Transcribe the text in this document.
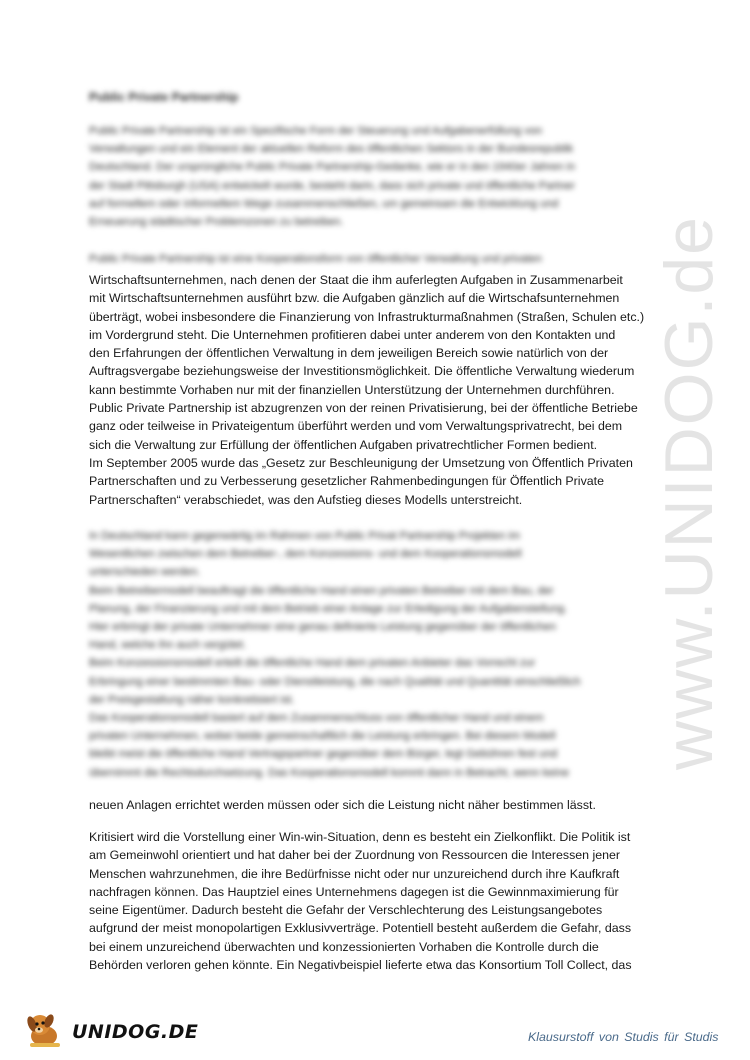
www.UNIDOG.de
Public Private Partnership
Public Private Partnership ist ein Spezifische Form der Steuerung und Aufgabenerfüllung von
Verwaltungen und ein Element der aktuellen Reform des öffentlichen Sektors in der Bundesrepublik
Deutschland. Der ursprüngliche Public Private Partnership-Gedanke, wie er in den 1940er Jahren in
der Stadt Pittsburgh (USA) entwickelt wurde, besteht darin, dass sich private und öffentliche Partner
auf formellem oder informellem Wege zusammenschließen, um gemeinsam die Entwicklung und
Erneuerung städtischer Problemzonen zu betreiben.
Public Private Partnership ist eine Kooperationsform von öffentlicher Verwaltung und privaten
Wirtschaftsunternehmen, nach denen der Staat die ihm auferlegten Aufgaben in Zusammenarbeit
mit Wirtschaftsunternehmen ausführt bzw. die Aufgaben gänzlich auf die Wirtschafsunternehmen
überträgt, wobei insbesondere die Finanzierung von Infrastrukturmaßnahmen (Straßen, Schulen etc.)
im Vordergrund steht. Die Unternehmen profitieren dabei unter anderem von den Kontakten und
den Erfahrungen der öffentlichen Verwaltung in dem jeweiligen Bereich sowie natürlich von der
Auftragsvergabe beziehungsweise der Investitionsmöglichkeit. Die öffentliche Verwaltung wiederum
kann bestimmte Vorhaben nur mit der finanziellen Unterstützung der Unternehmen durchführen.
Public Private Partnership ist abzugrenzen von der reinen Privatisierung, bei der öffentliche Betriebe
ganz oder teilweise in Privateigentum überführt werden und vom Verwaltungsprivatrecht, bei dem
sich die Verwaltung zur Erfüllung der öffentlichen Aufgaben privatrechtlicher Formen bedient.
Im September 2005 wurde das „Gesetz zur Beschleunigung der Umsetzung von Öffentlich Privaten
Partnerschaften und zu Verbesserung gesetzlicher Rahmenbedingungen für Öffentlich Private
Partnerschaften“ verabschiedet, was den Aufstieg dieses Modells unterstreicht.
In Deutschland kann gegenwärtig im Rahmen von Public Privat Partnership Projekten im
Wesentlichen zwischen dem Betreiber-, dem Konzessions- und dem Kooperationsmodell
unterschieden werden.
Beim Betreibermodell beauftragt die öffentliche Hand einen privaten Betreiber mit dem Bau, der
Planung, der Finanzierung und mit dem Betrieb einer Anlage zur Erledigung der Aufgabenstellung.
Hier erbringt der private Unternehmer eine genau definierte Leistung gegenüber der öffentlichen
Hand, welche ihn auch vergütet.
Beim Konzessionsmodell erteilt die öffentliche Hand dem privaten Anbieter das Vorrecht zur
Erbringung einer bestimmten Bau- oder Dienstleistung, die nach Qualität und Quantität einschließlich
der Preisgestaltung näher konkretisiert ist.
Das Kooperationsmodell basiert auf dem Zusammenschluss von öffentlicher Hand und einem
privaten Unternehmen, wobei beide gemeinschaftlich die Leistung erbringen. Bei diesem Modell
bleibt meist die öffentliche Hand Vertragspartner gegenüber dem Bürger, legt Gebühren fest und
übernimmt die Rechtsdurchsetzung. Das Kooperationsmodell kommt dann in Betracht, wenn keine
neuen Anlagen errichtet werden müssen oder sich die Leistung nicht näher bestimmen lässt.
Kritisiert wird die Vorstellung einer Win-win-Situation, denn es besteht ein Zielkonflikt. Die Politik ist
am Gemeinwohl orientiert und hat daher bei der Zuordnung von Ressourcen die Interessen jener
Menschen wahrzunehmen, die ihre Bedürfnisse nicht oder nur unzureichend durch ihre Kaufkraft
nachfragen können. Das Hauptziel eines Unternehmens dagegen ist die Gewinnmaximierung für
seine Eigentümer. Dadurch besteht die Gefahr der Verschlechterung des Leistungsangebotes
aufgrund der meist monopolartigen Exklusivverträge. Potentiell besteht außerdem die Gefahr, dass
bei einem unzureichend überwachten und konzessionierten Vorhaben die Kontrolle durch die
Behörden verloren gehen könnte. Ein Negativbeispiel lieferte etwa das Konsortium Toll Collect, das
UNIDOG.DE	Klausurstoff von Studis für Studis
